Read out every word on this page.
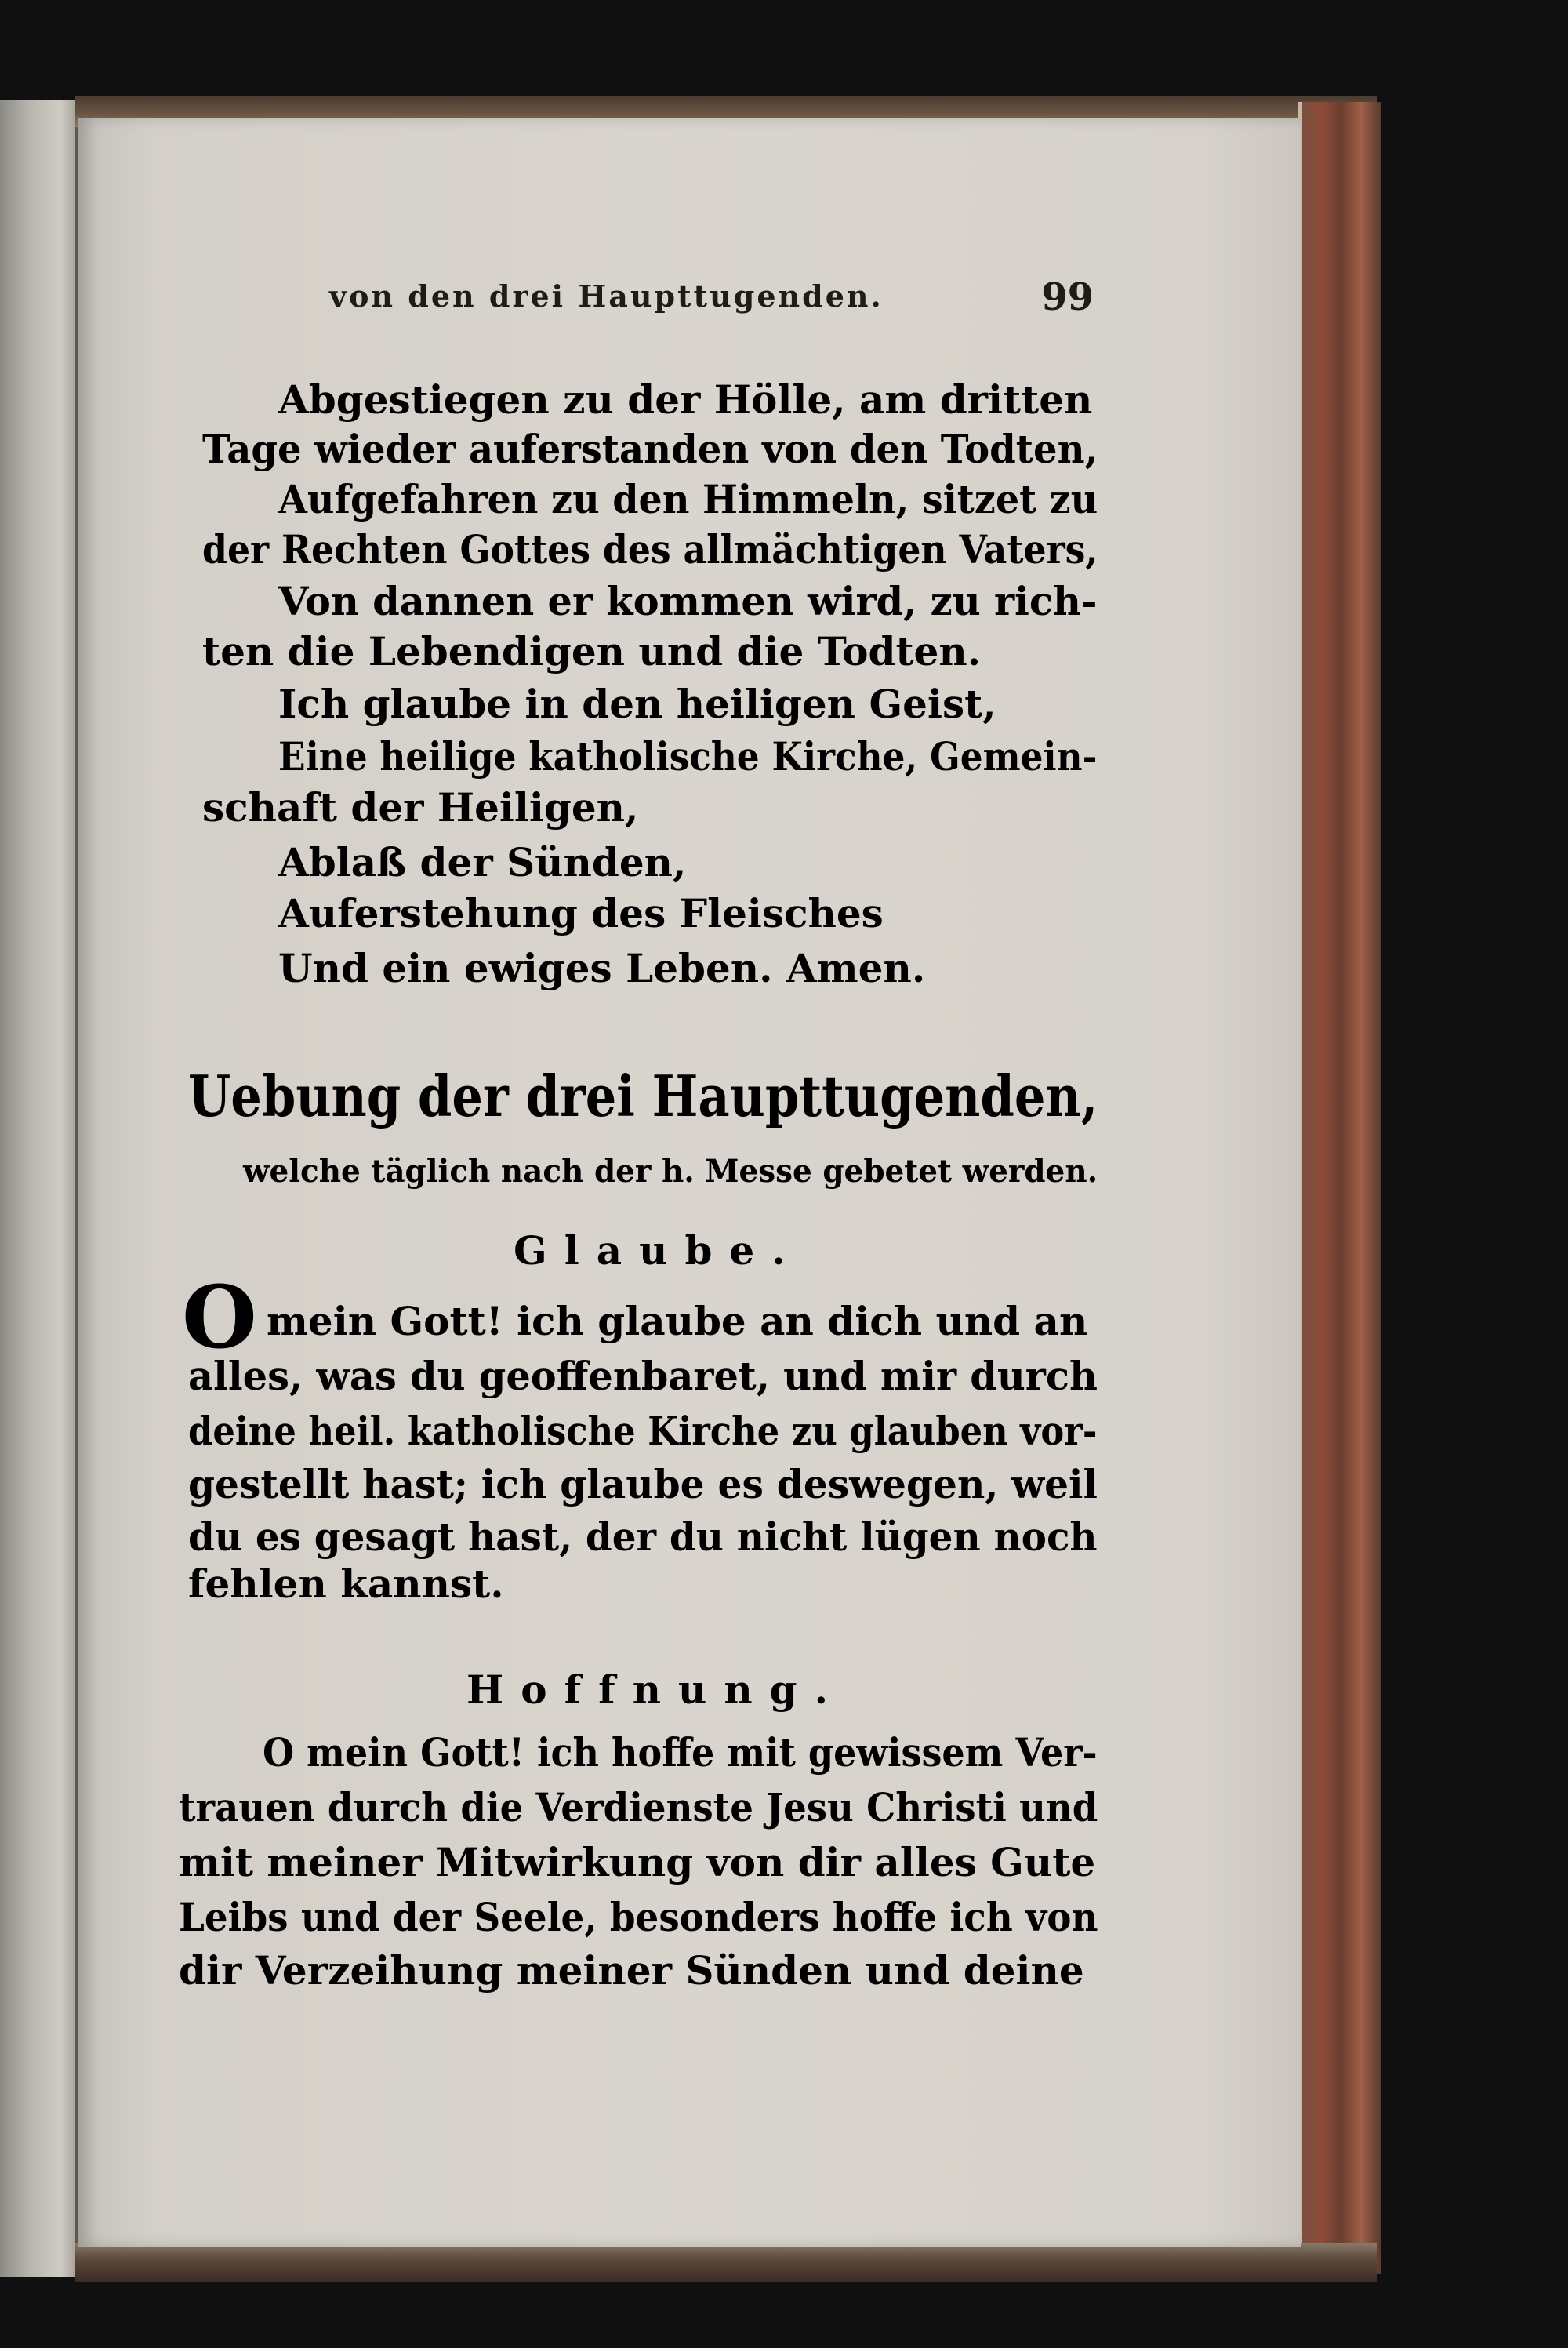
von den drei Haupttugenden.	99
Abgestiegen zu der Hölle, am dritten
Tage wieder auferstanden von den Todten,
Aufgefahren zu den Himmeln, sitzet zu
der Rechten Gottes des allmächtigen Vaters,
Von dannen er kommen wird, zu rich-
ten die Lebendigen und die Todten.
Ich glaube in den heiligen Geist,
Eine heilige katholische Kirche, Gemein-
schaft der Heiligen,
Ablaß der Sünden,
Auferstehung des Fleisches
Und ein ewiges Leben. Amen.
Uebung der drei Haupttugenden,
welche täglich nach der h. Messe gebetet werden.
Glaube.
O mein Gott! ich glaube an dich und an
alles, was du geoffenbaret, und mir durch
deine heil. katholische Kirche zu glauben vor-
gestellt hast; ich glaube es deswegen, weil
du es gesagt hast, der du nicht lügen noch
fehlen kannst.
Hoffnung.
O mein Gott! ich hoffe mit gewissem Ver-
trauen durch die Verdienste Jesu Christi und
mit meiner Mitwirkung von dir alles Gute
Leibs und der Seele, besonders hoffe ich von
dir Verzeihung meiner Sünden und deine
